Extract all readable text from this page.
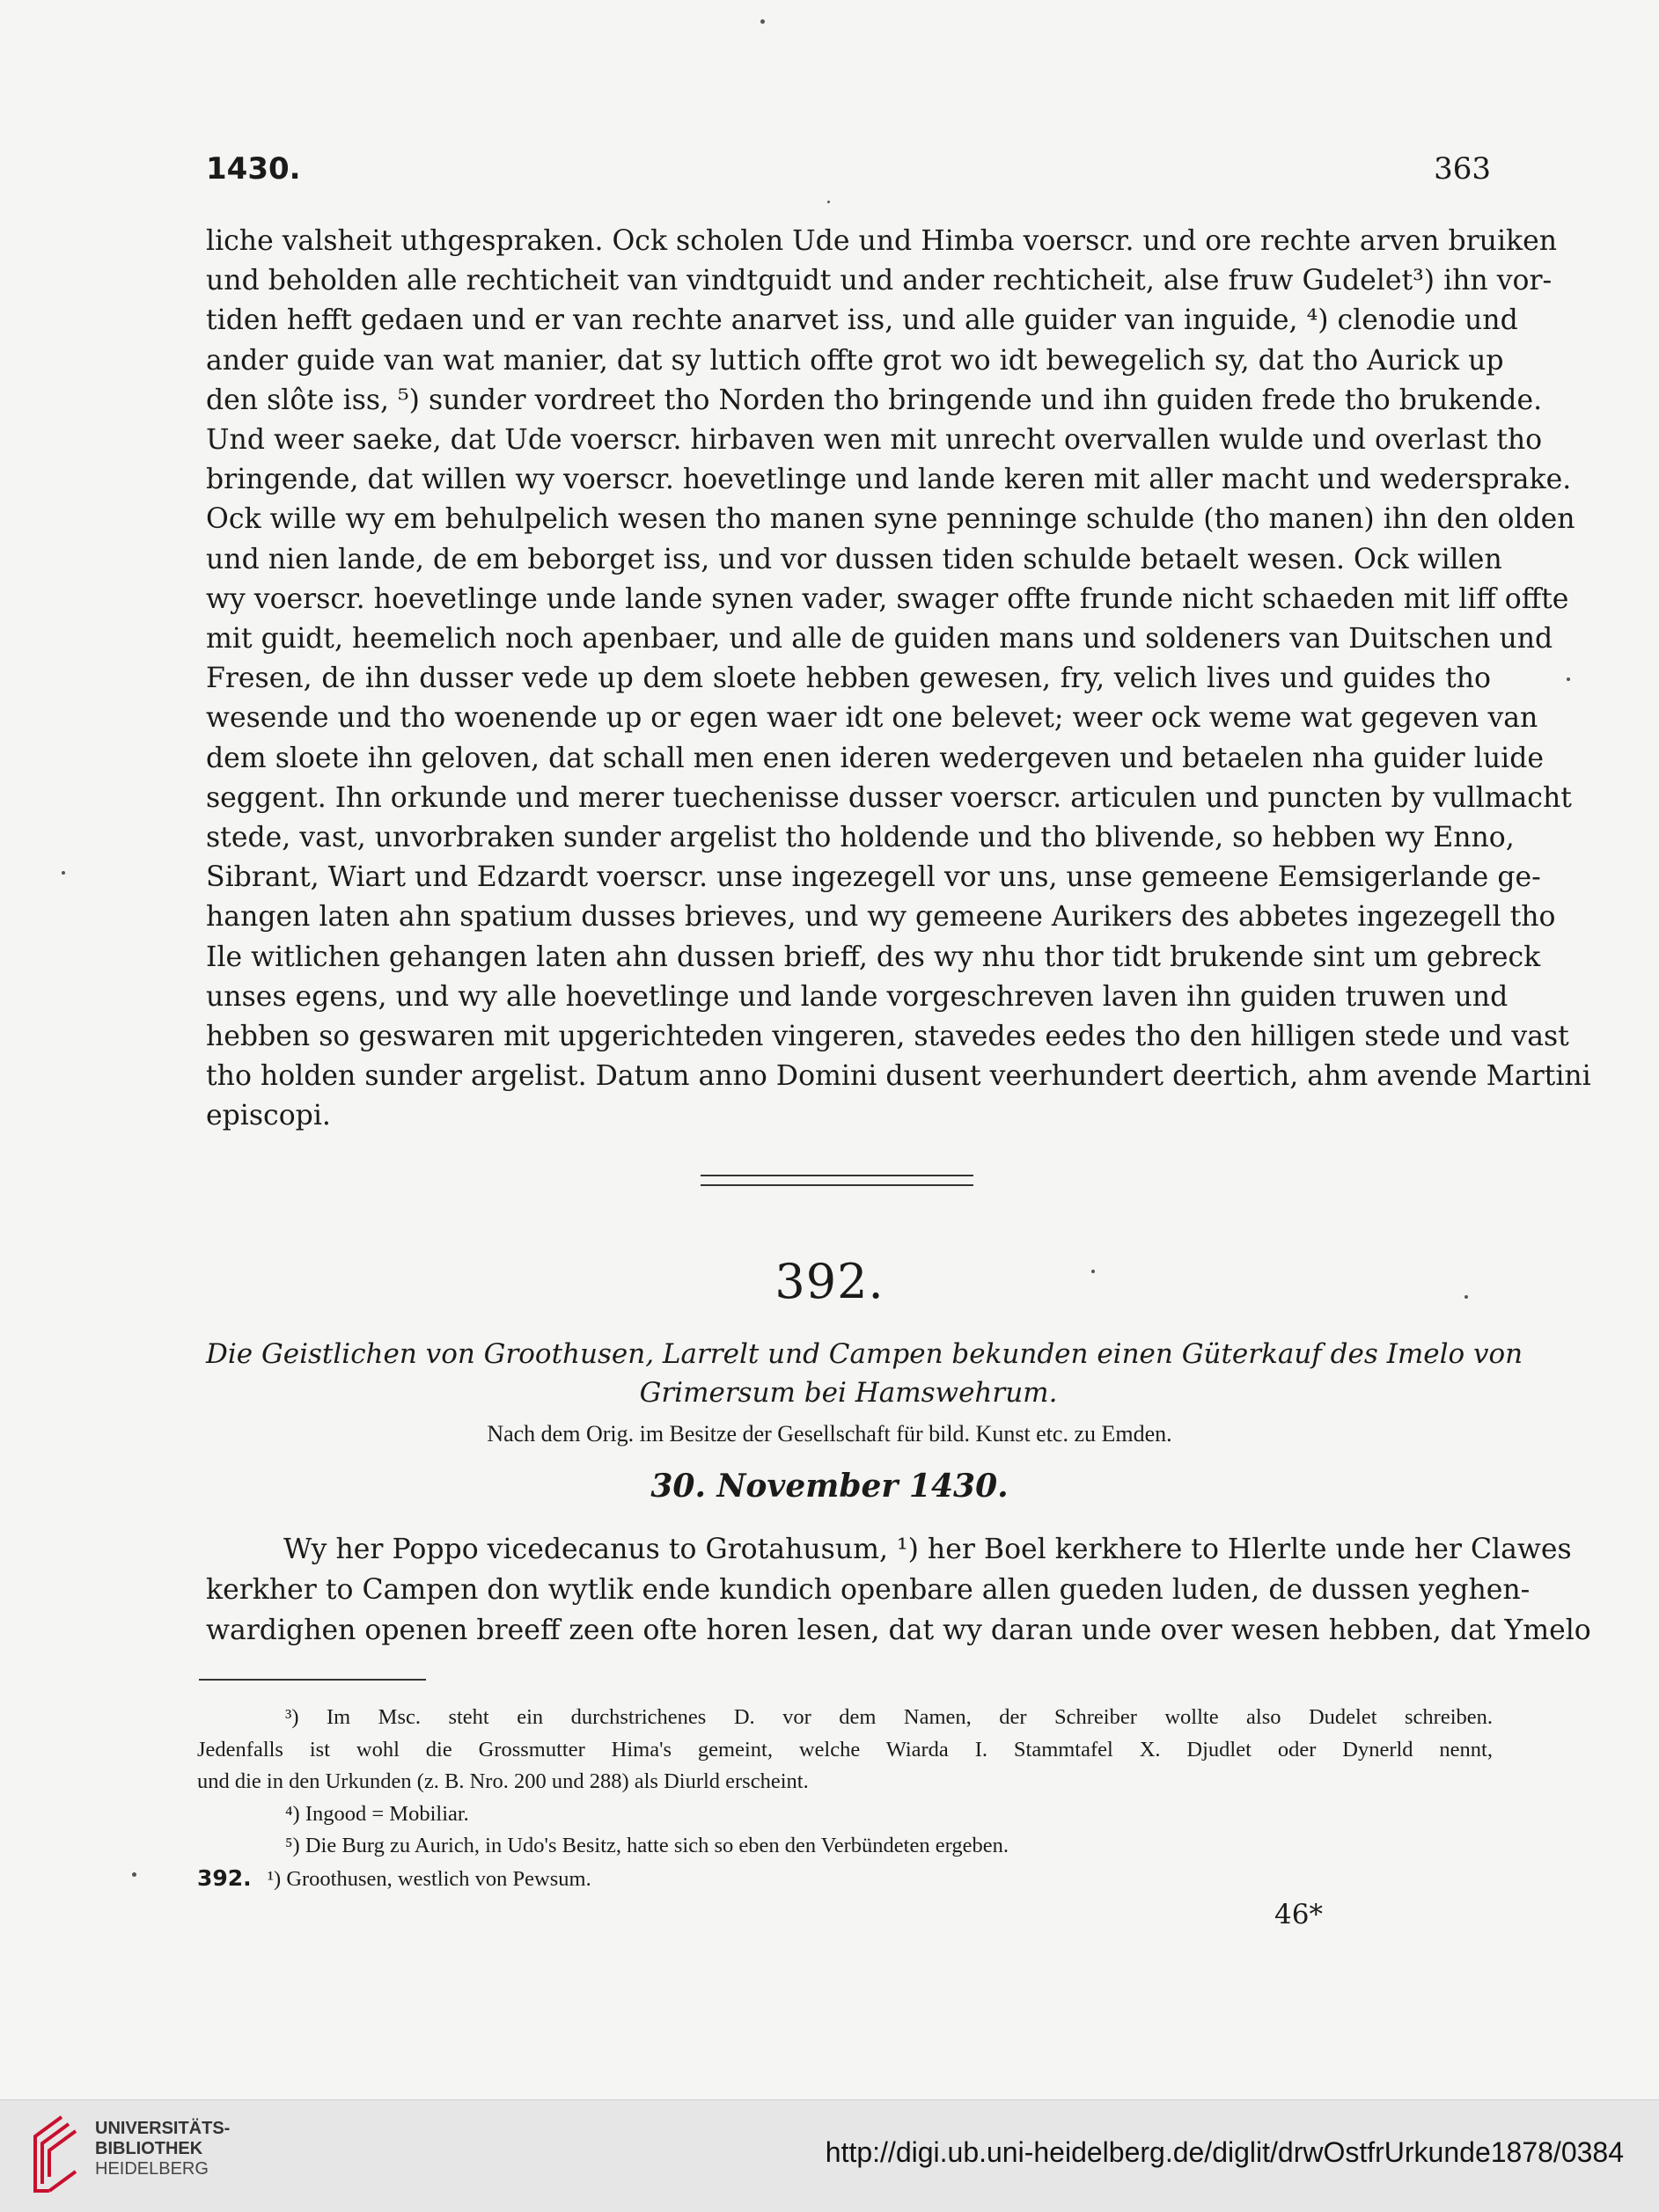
1430.	363
liche valsheit uthgespraken. Ock scholen Ude und Himba voerscr. und ore rechte arven bruiken
und beholden alle rechticheit van vindtguidt und ander rechticheit, alse fruw Gudelet³) ihn vor-
tiden hefft gedaen und er van rechte anarvet iss, und alle guider van inguide, ⁴) clenodie und
ander guide van wat manier, dat sy luttich offte grot wo idt bewegelich sy, dat tho Aurick up
den slôte iss, ⁵) sunder vordreet tho Norden tho bringende und ihn guiden frede tho brukende.
Und weer saeke, dat Ude voerscr. hirbaven wen mit unrecht overvallen wulde und overlast tho
bringende, dat willen wy voerscr. hoevetlinge und lande keren mit aller macht und wedersprake.
Ock wille wy em behulpelich wesen tho manen syne penninge schulde (tho manen) ihn den olden
und nien lande, de em beborget iss, und vor dussen tiden schulde betaelt wesen. Ock willen
wy voerscr. hoevetlinge unde lande synen vader, swager offte frunde nicht schaeden mit liff offte
mit guidt, heemelich noch apenbaer, und alle de guiden mans und soldeners van Duitschen und
Fresen, de ihn dusser vede up dem sloete hebben gewesen, fry, velich lives und guides tho
wesende und tho woenende up or egen waer idt one belevet; weer ock weme wat gegeven van
dem sloete ihn geloven, dat schall men enen ideren wedergeven und betaelen nha guider luide
seggent. Ihn orkunde und merer tuechenisse dusser voerscr. articulen und puncten by vullmacht
stede, vast, unvorbraken sunder argelist tho holdende und tho blivende, so hebben wy Enno,
Sibrant, Wiart und Edzardt voerscr. unse ingezegell vor uns, unse gemeene Eemsigerlande ge-
hangen laten ahn spatium dusses brieves, und wy gemeene Aurikers des abbetes ingezegell tho
Ile witlichen gehangen laten ahn dussen brieff, des wy nhu thor tidt brukende sint um gebreck
unses egens, und wy alle hoevetlinge und lande vorgeschreven laven ihn guiden truwen und
hebben so geswaren mit upgerichteden vingeren, stavedes eedes tho den hilligen stede und vast
tho holden sunder argelist. Datum anno Domini dusent veerhundert deertich, ahm avende Martini
episcopi.
392.
Die Geistlichen von Groothusen, Larrelt und Campen bekunden einen Güterkauf des Imelo von
Grimersum bei Hamswehrum.
Nach dem Orig. im Besitze der Gesellschaft für bild. Kunst etc. zu Emden.
30. November 1430.
Wy her Poppo vicedecanus to Grotahusum, ¹) her Boel kerkhere to Hlerlte unde her Clawes
kerkher to Campen don wytlik ende kundich openbare allen gueden luden, de dussen yeghen-
wardighen openen breeff zeen ofte horen lesen, dat wy daran unde over wesen hebben, dat Ymelo
³) Im Msc. steht ein durchstrichenes D. vor dem Namen, der Schreiber wollte also Dudelet schreiben.
Jedenfalls ist wohl die Grossmutter Hima's gemeint, welche Wiarda I. Stammtafel X. Djudlet oder Dynerld nennt,
und die in den Urkunden (z. B. Nro. 200 und 288) als Diurld erscheint.
⁴) Ingood = Mobiliar.
⁵) Die Burg zu Aurich, in Udo's Besitz, hatte sich so eben den Verbündeten ergeben.
392. ¹) Groothusen, westlich von Pewsum.
46*
UNIVERSITÄTS-
BIBLIOTHEK
HEIDELBERG
http://digi.ub.uni-heidelberg.de/diglit/drwOstfrUrkunde1878/0384
